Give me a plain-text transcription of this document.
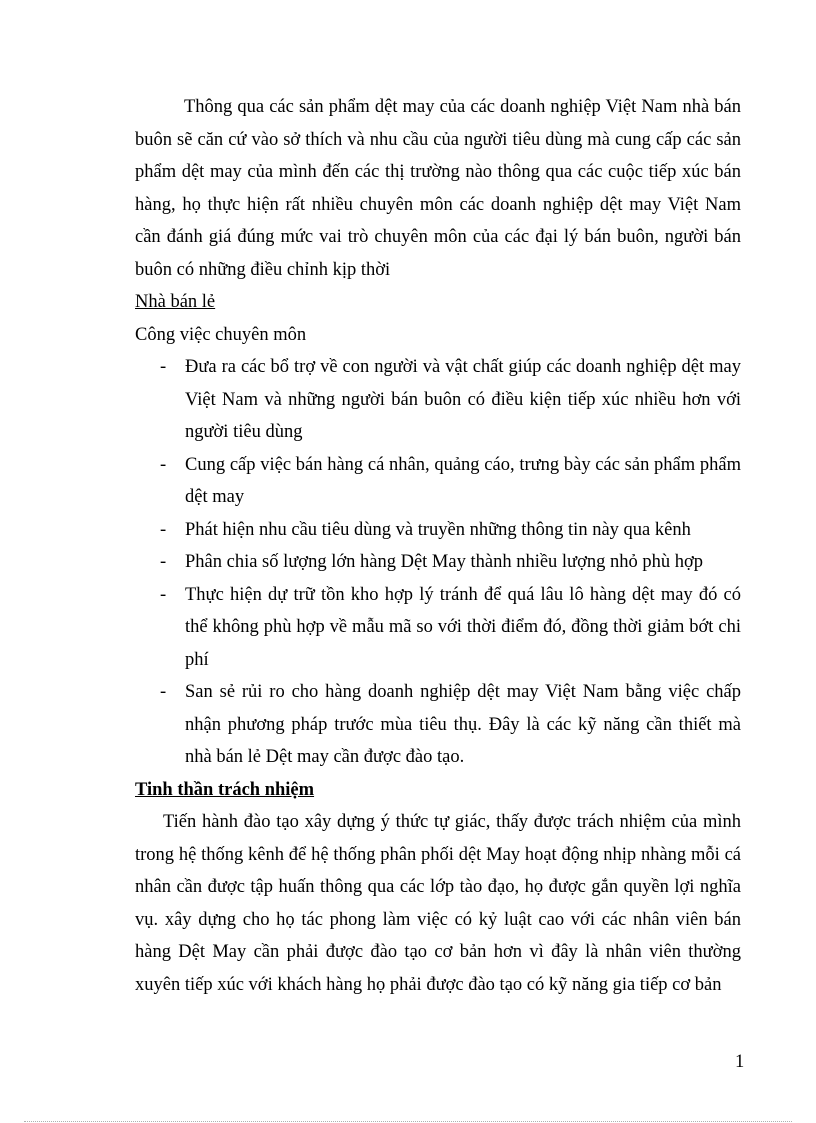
Thông qua các sản phẩm dệt may của các doanh nghiệp Việt Nam nhà bán buôn sẽ căn cứ vào sở thích và nhu cầu của người tiêu dùng mà cung cấp các sản phẩm dệt may của mình đến các thị trường nào thông qua các cuộc tiếp xúc bán hàng, họ thực hiện rất nhiều chuyên môn các doanh nghiệp dệt may Việt Nam cần đánh giá đúng mức vai trò chuyên môn của các đại lý bán buôn, người bán buôn có những điều chỉnh kịp thời

Nhà bán lẻ

Công việc chuyên môn

- Đưa ra các bổ trợ về con người và vật chất giúp các doanh nghiệp dệt may Việt Nam và những người bán buôn có điều kiện tiếp xúc nhiều hơn với người tiêu dùng
- Cung cấp việc bán hàng cá nhân, quảng cáo, trưng bày các sản phẩm phẩm dệt may
- Phát hiện nhu cầu tiêu dùng và truyền những thông tin này qua kênh
- Phân chia số lượng lớn hàng Dệt May thành nhiều lượng nhỏ phù hợp
- Thực hiện dự trữ tồn kho hợp lý tránh để quá lâu lô hàng dệt may đó có thể không phù hợp về mẫu mã so với thời điểm đó, đồng thời giảm bớt chi phí
- San sẻ rủi ro cho hàng doanh nghiệp dệt may Việt Nam bằng việc chấp nhận phương pháp trước mùa tiêu thụ. Đây là các kỹ năng cần thiết mà nhà bán lẻ Dệt may cần được đào tạo.

Tinh thần trách nhiệm

Tiến hành đào tạo xây dựng ý thức tự giác, thấy được trách nhiệm của mình trong hệ thống kênh để hệ thống phân phối dệt May hoạt động nhịp nhàng mỗi cá nhân cần được tập huấn thông qua các lớp tào đạo, họ được gắn quyền lợi nghĩa vụ. xây dựng cho họ tác phong làm việc có kỷ luật cao với các nhân viên bán hàng Dệt May cần phải được đào tạo cơ bản hơn vì đây là nhân viên thường xuyên tiếp xúc với khách hàng họ phải được đào tạo có kỹ năng gia tiếp cơ bản

1
